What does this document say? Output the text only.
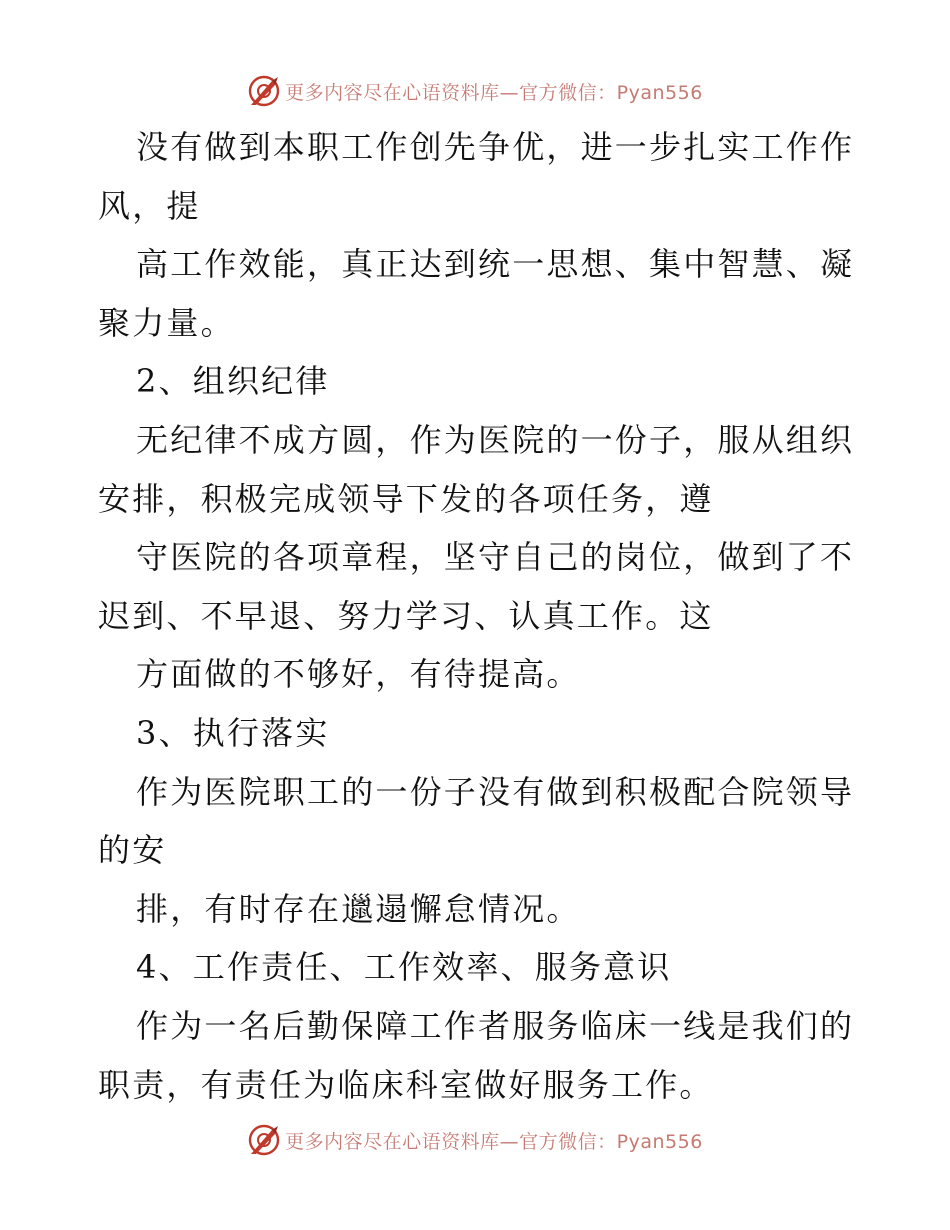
更多内容尽在心语资料库—官方微信：Pyan556
没有做到本职工作创先争优，进一步扎实工作作
风，提
高工作效能，真正达到统一思想、集中智慧、凝
聚力量。
2、组织纪律
无纪律不成方圆，作为医院的一份子，服从组织
安排，积极完成领导下发的各项任务，遵
守医院的各项章程，坚守自己的岗位，做到了不
迟到、不早退、努力学习、认真工作。这
方面做的不够好，有待提高。
3、执行落实
作为医院职工的一份子没有做到积极配合院领导
的安
排，有时存在邋遢懈怠情况。
4、工作责任、工作效率、服务意识
作为一名后勤保障工作者服务临床一线是我们的
职责，有责任为临床科室做好服务工作。
更多内容尽在心语资料库—官方微信：Pyan556
